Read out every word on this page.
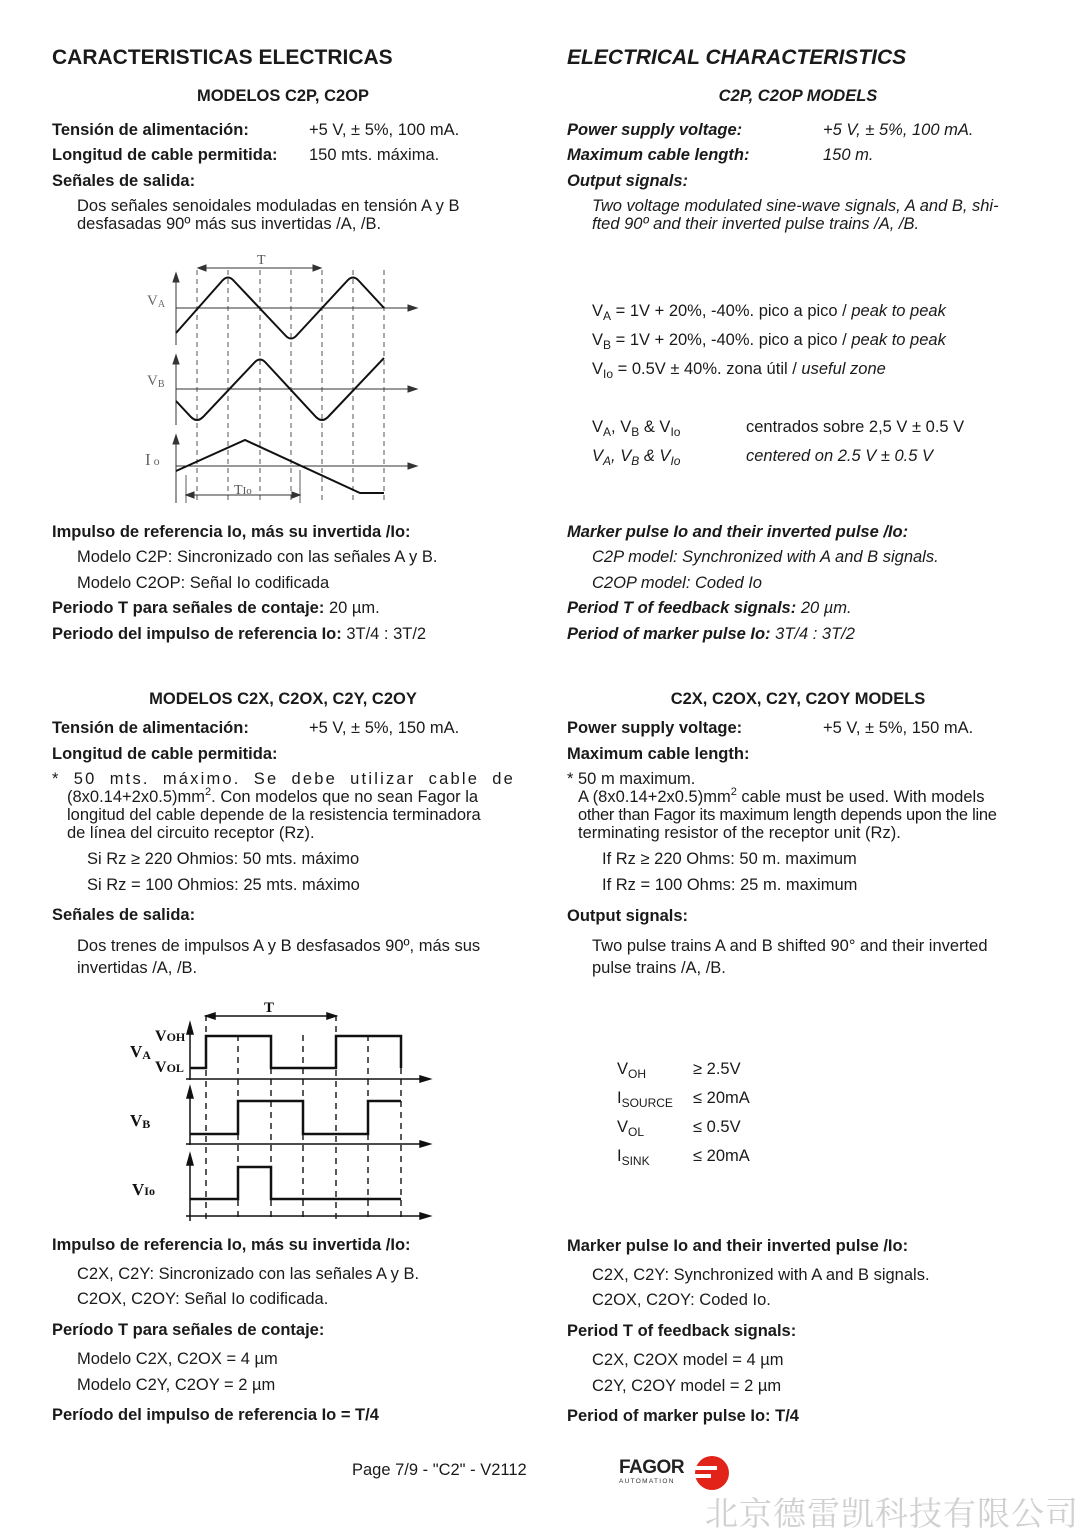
CARACTERISTICAS ELECTRICAS
MODELOS C2P, C2OP
Tensión de alimentación:	+5 V, ± 5%, 100 mA.
Longitud de cable permitida: 150 mts. máxima.
Señales de salida:
Dos señales senoidales moduladas en tensión A y B
desfasadas 90º más sus invertidas /A, /B.
VA
VB
I o
T
TIo
Impulso de referencia Io, más su invertida /Io:
Modelo C2P: Sincronizado con las señales A y B.
Modelo C2OP: Señal Io codificada
Periodo T para señales de contaje: 20 µm.
Periodo del impulso de referencia Io: 3T/4 : 3T/2
MODELOS C2X, C2OX, C2Y, C2OY
Tensión de alimentación:	+5 V, ± 5%, 150 mA.
Longitud de cable permitida:
* 50 mts. máximo. Se debe utilizar cable de
$(8x0.14+2x0.5)mm^2$. Con modelos que no sean Fagor la
longitud del cable depende de la resistencia terminadora
de línea del circuito receptor (Rz).
Si Rz ≥ 220 Ohmios: 50 mts. máximo
Si Rz = 100 Ohmios: 25 mts. máximo
Señales de salida:
Dos trenes de impulsos A y B desfasados 90º, más sus
invertidas /A, /B.
VA
VOH
VOL
VB
VIo
T
Impulso de referencia Io, más su invertida /Io:
C2X, C2Y: Sincronizado con las señales A y B.
C2OX, C2OY: Señal Io codificada.
Período T para señales de contaje:
Modelo C2X, C2OX = 4 µm
Modelo C2Y, C2OY = 2 µm
Período del impulso de referencia Io = T/4
ELECTRICAL CHARACTERISTICS
C2P, C2OP MODELS
Power supply voltage:	+5 V, ± 5%, 100 mA.
Maximum cable length:	150 m.
Output signals:
Two voltage modulated sine-wave signals, A and B, shi-
fted 90º and their inverted pulse trains /A, /B.
$V_A = 1V + 20\%$, -40%. pico a pico / peak to peak
$V_B = 1V + 20\%$, -40%. pico a pico / peak to peak
$V_{Io} = 0.5V \pm 40\%$. zona útil / useful zone
$V_A$, $V_B$ & $V_{Io}$	centrados sobre 2,5 V ± 0.5 V
$V_A$, $V_B$ & $V_{Io}$	centered on 2.5 V ± 0.5 V
Marker pulse Io and their inverted pulse /Io:
C2P model: Synchronized with A and B signals.
C2OP model: Coded Io
Period T of feedback signals: 20 µm.
Period of marker pulse Io: 3T/4 : 3T/2
C2X, C2OX, C2Y, C2OY MODELS
Power supply voltage:	+5 V, ± 5%, 150 mA.
Maximum cable length:
* 50 m maximum.
A $(8x0.14+2x0.5)mm^2$ cable must be used. With models
other than Fagor its maximum length depends upon the line
terminating resistor of the receptor unit (Rz).
If Rz ≥ 220 Ohms: 50 m. maximum
If Rz = 100 Ohms: 25 m. maximum
Output signals:
Two pulse trains A and B shifted 90° and their inverted
pulse trains /A, /B.
$V_{OH}$	≥ 2.5V
$I_{SOURCE} \le 20mA$
$V_{OL}$	≤ 0.5V
$I_{SINK}$	≤ 20mA
Marker pulse Io and their inverted pulse /Io:
C2X, C2Y: Synchronized with A and B signals.
C2OX, C2OY: Coded Io.
Period T of feedback signals:
C2X, C2OX model = 4 µm
C2Y, C2OY model = 2 µm
Period of marker pulse Io: T/4
Page 7/9 - "C2" - V2112	FAGOR
AUTOMATION
北京德雷凯科技有限公司
